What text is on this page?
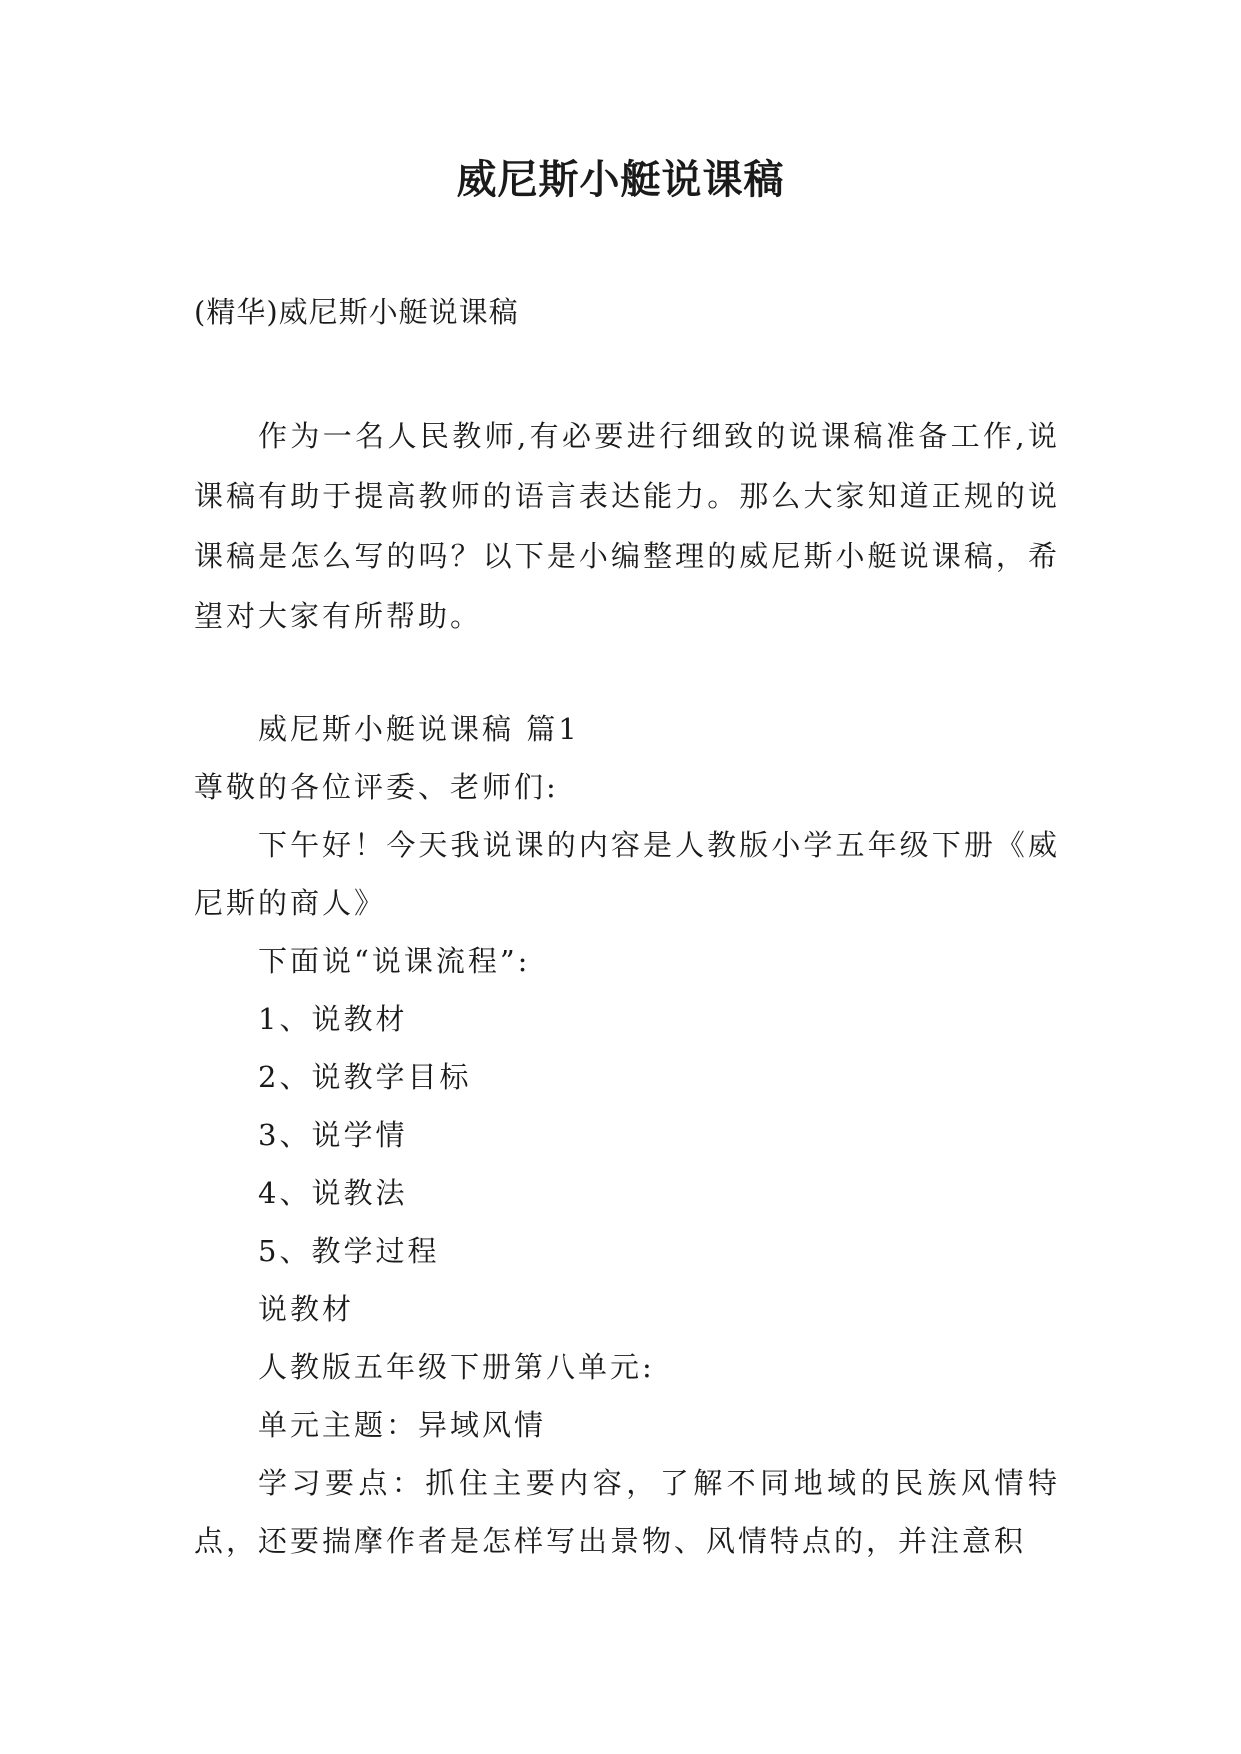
威尼斯小艇说课稿
(精华)威尼斯小艇说课稿

作为一名人民教师,有必要进行细致的说课稿准备工作,说课稿有助于提高教师的语言表达能力。那么大家知道正规的说课稿是怎么写的吗？以下是小编整理的威尼斯小艇说课稿，希望对大家有所帮助。

威尼斯小艇说课稿 篇1

尊敬的各位评委、老师们:

下午好！今天我说课的内容是人教版小学五年级下册《威尼斯的商人》

下面说“说课流程”:

1、说教材

2、说教学目标

3、说学情

4、说教法

5、教学过程

说教材

人教版五年级下册第八单元:

单元主题：异域风情

学习要点：抓住主要内容，了解不同地域的民族风情特点，还要揣摩作者是怎样写出景物、风情特点的，并注意积
